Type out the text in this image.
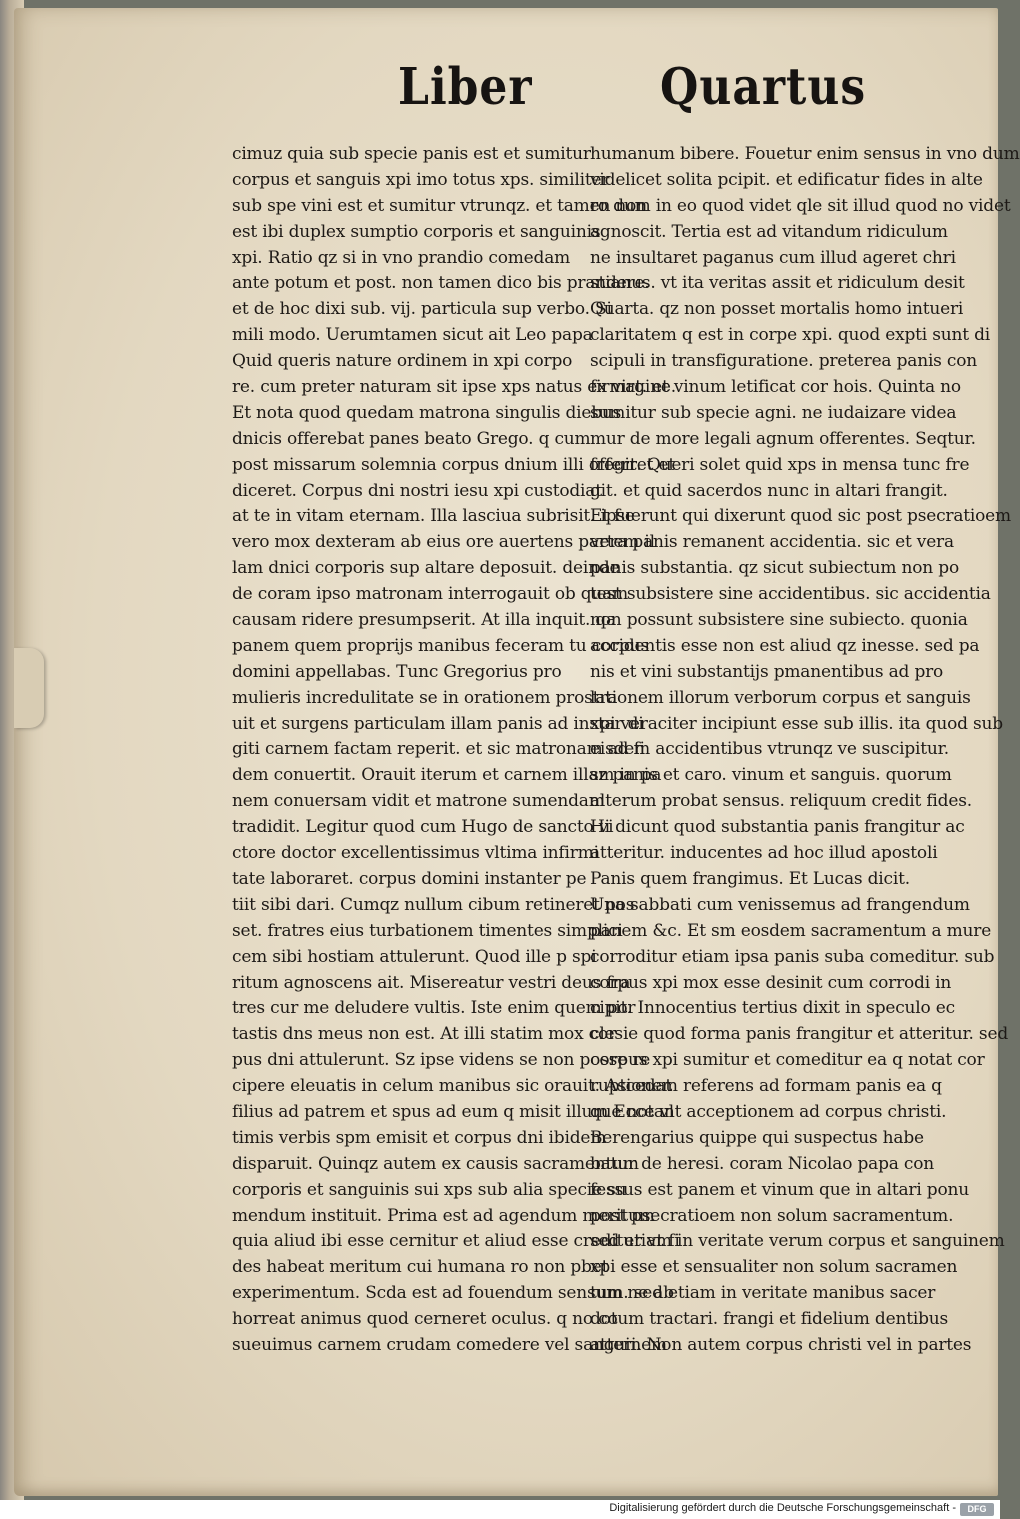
Liber	Quartus
cimuz quia sub specie panis est et sumitur
corpus et sanguis xpi imo totus xps. similiter
sub spe vini est et sumitur vtrunqz. et tamen non
est ibi duplex sumptio corporis et sanguinis
xpi. Ratio qz si in vno prandio comedam
ante potum et post. non tamen dico bis prandere.
et de hoc dixi sub. vij. particula sup verbo. Si
mili modo. Uerumtamen sicut ait Leo papa
Quid queris nature ordinem in xpi corpo
re. cum preter naturam sit ipse xps natus ex virgine.
Et nota quod quedam matrona singulis diebus
dnicis offerebat panes beato Grego. q cum
post missarum solemnia corpus dnium illi offerret et
diceret. Corpus dni nostri iesu xpi custodiat
at te in vitam eternam. Illa lasciua subrisit. ipse
vero mox dexteram ab eius ore auertens partem il
lam dnici corporis sup altare deposuit. deinde
de coram ipso matronam interrogauit ob quam
causam ridere presumpserit. At illa inquit. qa
panem quem proprijs manibus feceram tu corpus
domini appellabas. Tunc Gregorius pro
mulieris incredulitate se in orationem prostra
uit et surgens particulam illam panis ad instar di
giti carnem factam reperit. et sic matronam ad fi
dem conuertit. Orauit iterum et carnem illam in pa
nem conuersam vidit et matrone sumendam
tradidit. Legitur quod cum Hugo de sancto vi
ctore doctor excellentissimus vltima infirmi
tate laboraret. corpus domini instanter pe
tiit sibi dari. Cumqz nullum cibum retineret pos
set. fratres eius turbationem timentes simplici
cem sibi hostiam attulerunt. Quod ille p spi
ritum agnoscens ait. Misereatur vestri deus fra
tres cur me deludere vultis. Iste enim quem por
tastis dns meus non est. At illi statim mox cor
pus dni attulerunt. Sz ipse videns se non posse re
cipere eleuatis in celum manibus sic orauit. Ascedat
filius ad patrem et spus ad eum q misit illum Ecce vl
timis verbis spm emisit et corpus dni ibidem
disparuit. Quinqz autem ex causis sacramentum
corporis et sanguinis sui xps sub alia specie su
mendum instituit. Prima est ad agendum meritum
quia aliud ibi esse cernitur et aliud esse creditur vt fi
des habeat meritum cui humana ro non pbet
experimentum. Scda est ad fouendum sensum ne ab
horreat animus quod cerneret oculus. q no co
sueuimus carnem crudam comedere vel sanguinem
humanum bibere. Fouetur enim sensus in vno dum
videlicet solita pcipit. et edificatur fides in alte
ro dum in eo quod videt qle sit illud quod no videt
agnoscit. Tertia est ad vitandum ridiculum
ne insultaret paganus cum illud ageret chri
stianus. vt ita veritas assit et ridiculum desit
Quarta. qz non posset mortalis homo intueri
claritatem q est in corpe xpi. quod expti sunt di
scipuli in transfiguratione. preterea panis con
firmat. et vinum letificat cor hois. Quinta no
sumitur sub specie agni. ne iudaizare videa
mur de more legali agnum offerentes. Seqtur.
fregit. Queri solet quid xps in mensa tunc fre
git. et quid sacerdos nunc in altari frangit.
Et fuerunt qui dixerunt quod sic post psecratioem
vera panis remanent accidentia. sic et vera
panis substantia. qz sicut subiectum non po
test subsistere sine accidentibus. sic accidentia
non possunt subsistere sine subiecto. quonia
accidentis esse non est aliud qz inesse. sed pa
nis et vini substantijs pmanentibus ad pro
lationem illorum verborum corpus et sanguis
xpi veraciter incipiunt esse sub illis. ita quod sub
eisdem accidentibus vtrunqz ve suscipitur.
sz panis et caro. vinum et sanguis. quorum
alterum probat sensus. reliquum credit fides.
Hi dicunt quod substantia panis frangitur ac
atteritur. inducentes ad hoc illud apostoli
Panis quem frangimus. Et Lucas dicit.
Una sabbati cum venissemus ad frangendum
panem &c. Et sm eosdem sacramentum a mure
corroditur etiam ipsa panis suba comeditur. sub
corpus xpi mox esse desinit cum corrodi in
cipit. Innocentius tertius dixit in speculo ec
clesie quod forma panis frangitur et atteritur. sed
corpus xpi sumitur et comeditur ea q notat cor
ruptionem referens ad formam panis ea q
que notant acceptionem ad corpus christi.
Berengarius quippe qui suspectus habe
batur de heresi. coram Nicolao papa con
fessus est panem et vinum que in altari ponu
post psecratioem non solum sacramentum.
sed etiam in veritate verum corpus et sanguinem
xpi esse et sensualiter non solum sacramen
tum. sed etiam in veritate manibus sacer
dotum tractari. frangi et fidelium dentibus
atteri. Non autem corpus christi vel in partes
Digitalisierung gefördert durch die Deutsche Forschungsgemeinschaft -	DFG
